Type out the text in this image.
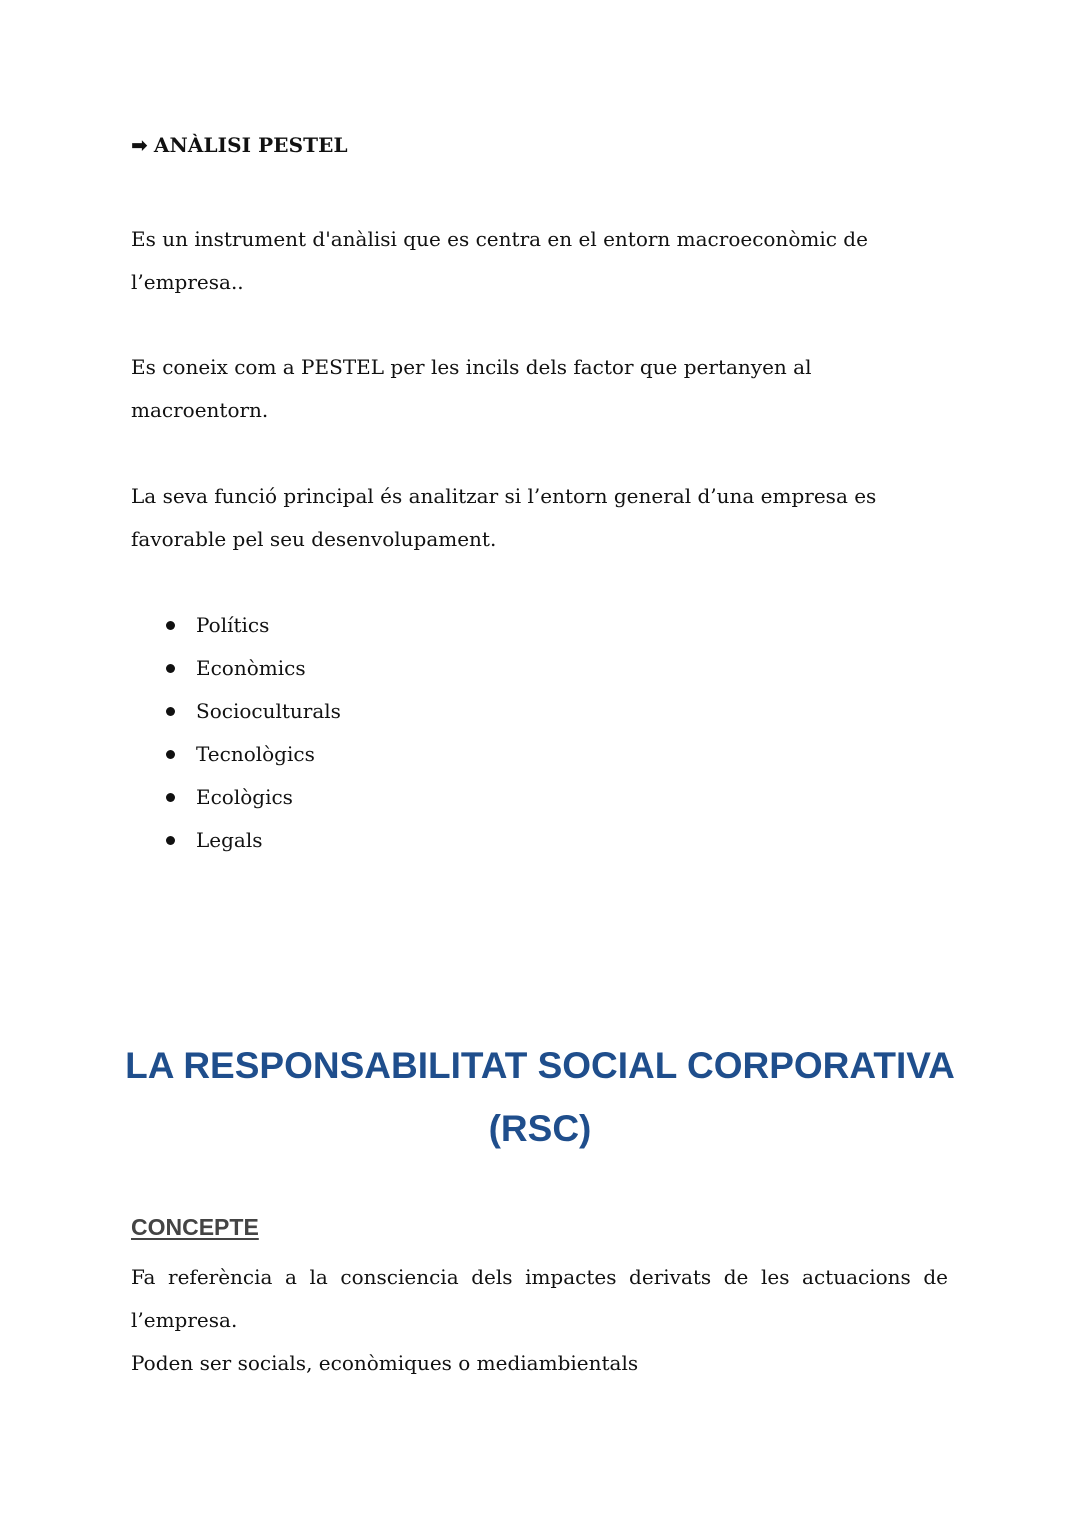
➡ ANÀLISI PESTEL

Es un instrument d'anàlisi que es centra en el entorn macroeconòmic de l’empresa..

Es coneix com a PESTEL per les incils dels factor que pertanyen al macroentorn.

La seva funció principal és analitzar si l’entorn general d’una empresa es favorable pel seu desenvolupament.

Polítics
Econòmics
Socioculturals
Tecnològics
Ecològics
Legals
LA RESPONSABILITAT SOCIAL CORPORATIVA
(RSC)
CONCEPTE
Fa referència a la consciencia dels impactes derivats de les actuacions de l’empresa.
Poden ser socials, econòmiques o mediambientals
